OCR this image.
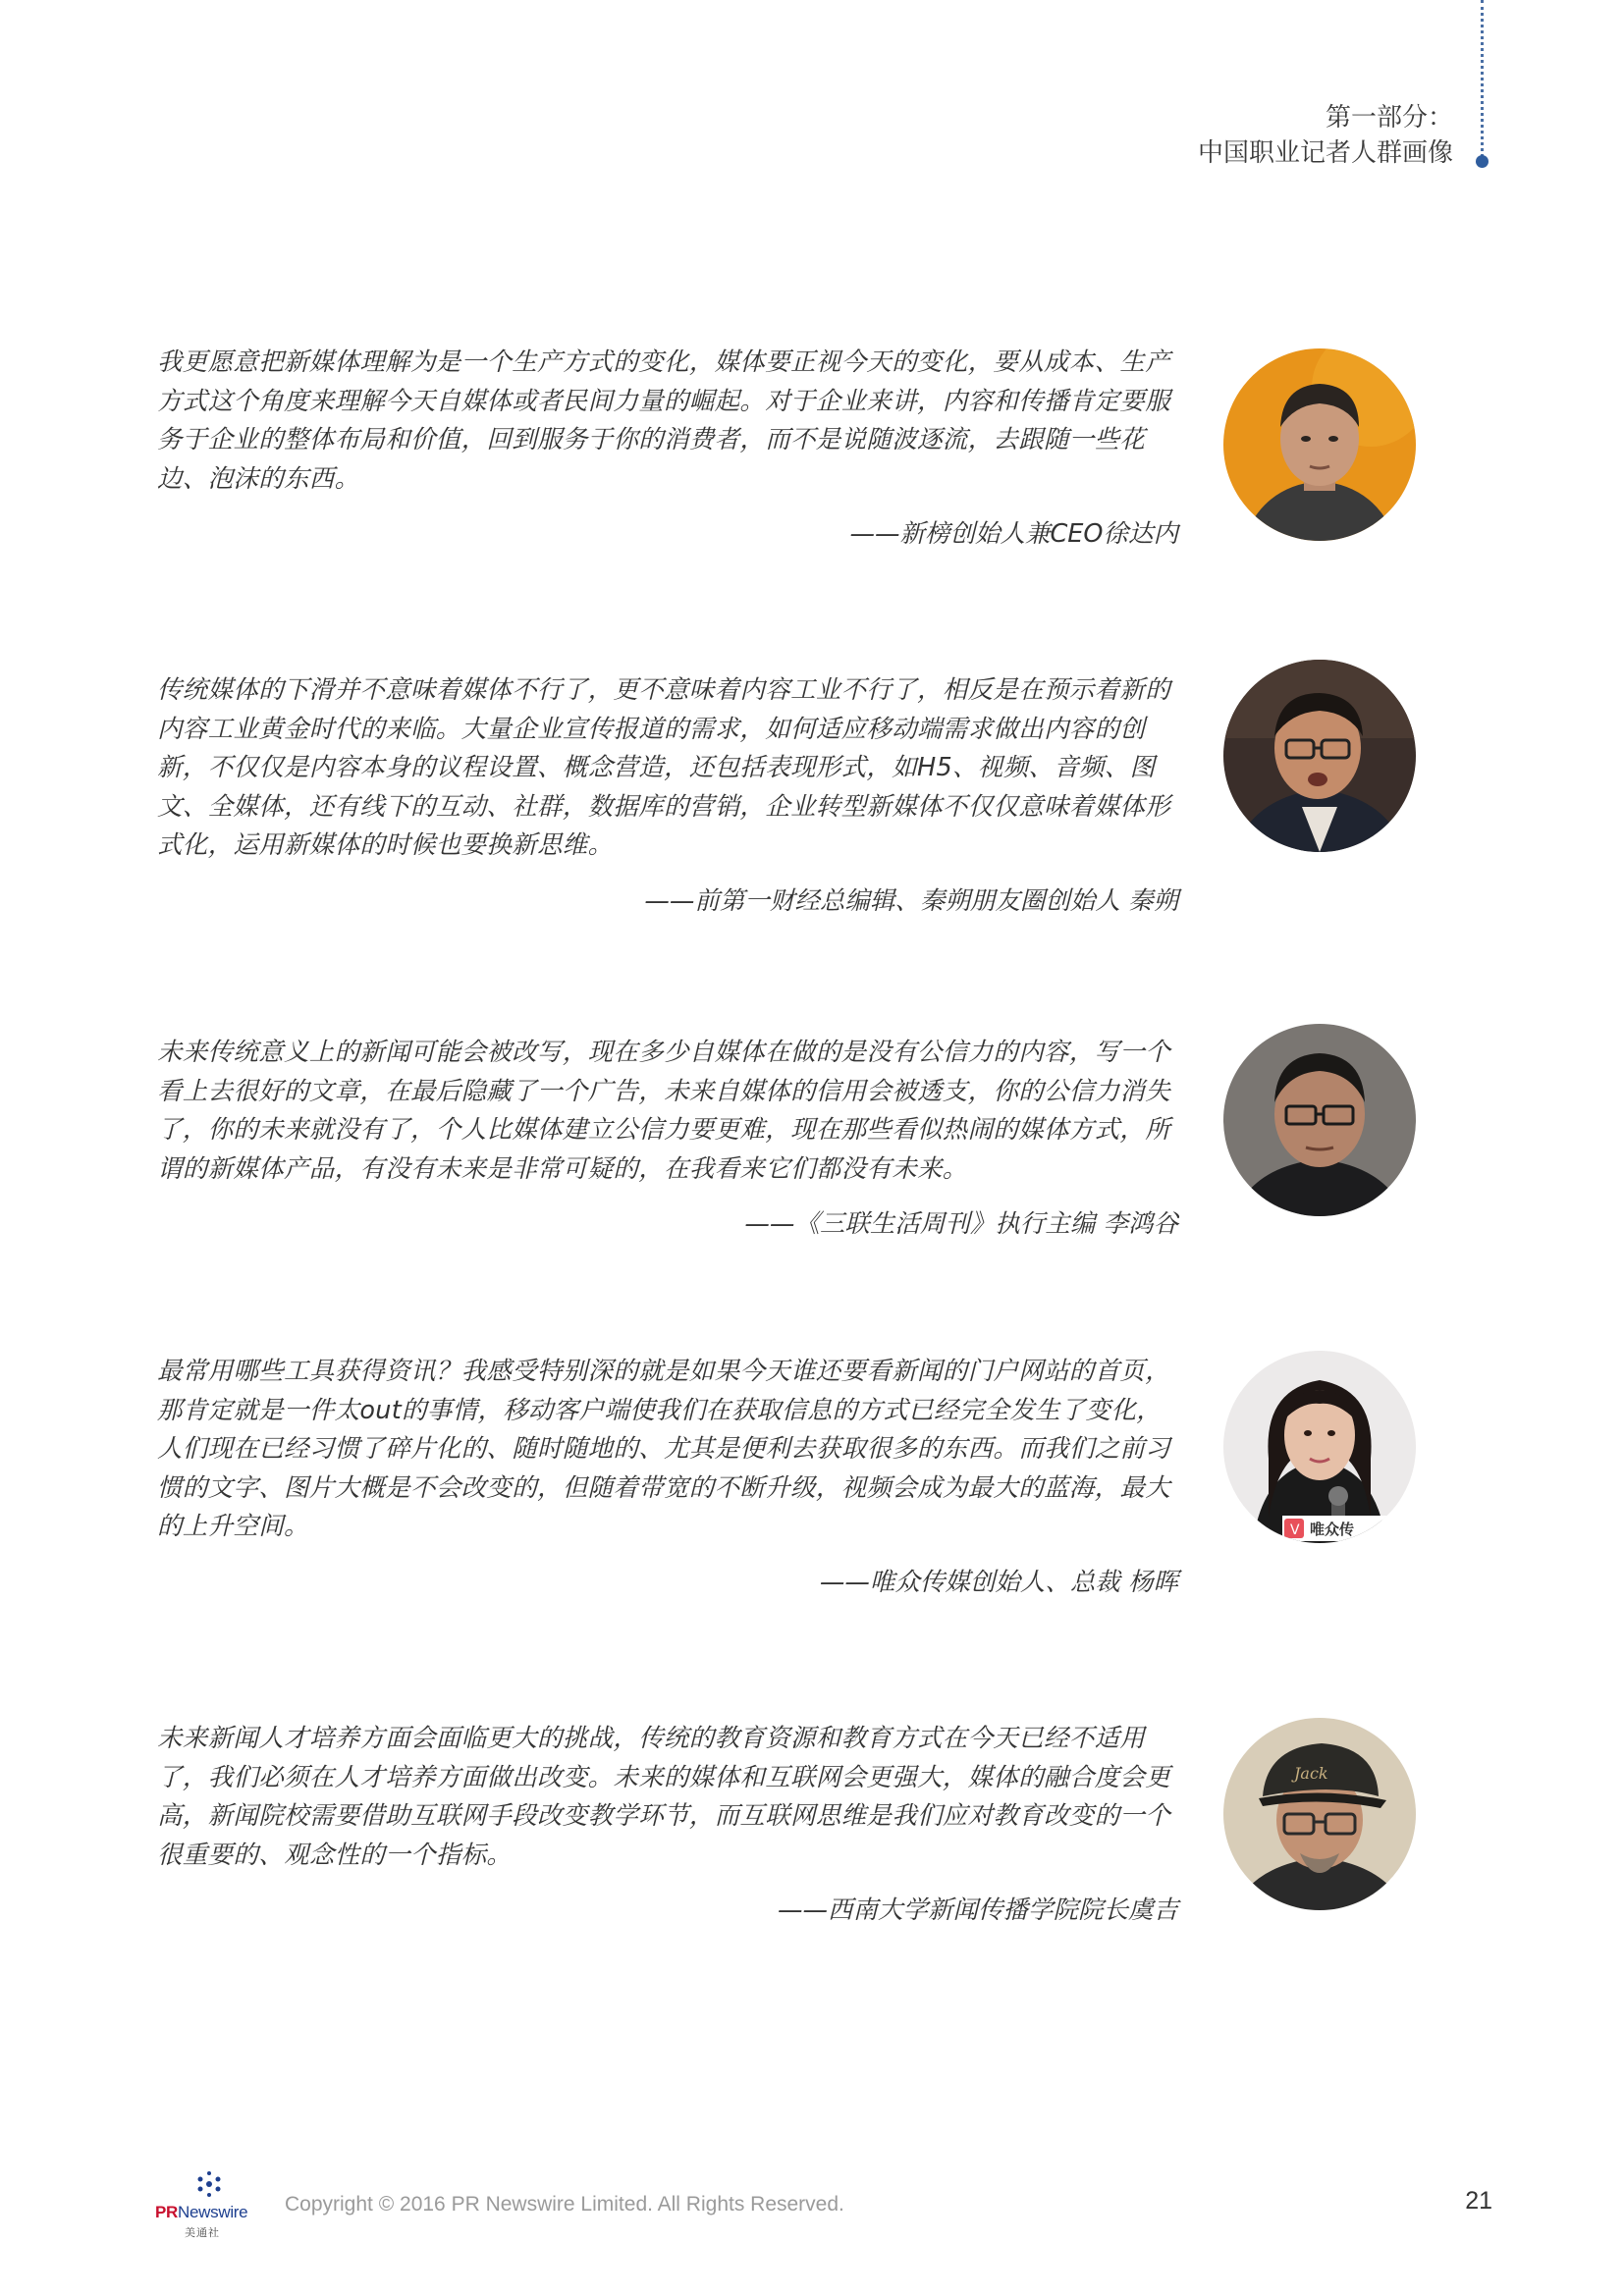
第一部分：
中国职业记者人群画像

我更愿意把新媒体理解为是一个生产方式的变化，媒体要正视今天的变化，要从成本、生产方式这个角度来理解今天自媒体或者民间力量的崛起。对于企业来讲，内容和传播肯定要服务于企业的整体布局和价值，回到服务于你的消费者，而不是说随波逐流，去跟随一些花边、泡沫的东西。

——新榜创始人兼CEO徐达内

传统媒体的下滑并不意味着媒体不行了，更不意味着内容工业不行了，相反是在预示着新的内容工业黄金时代的来临。大量企业宣传报道的需求，如何适应移动端需求做出内容的创新，不仅仅是内容本身的议程设置、概念营造，还包括表现形式，如H5、视频、音频、图文、全媒体，还有线下的互动、社群，数据库的营销，企业转型新媒体不仅仅意味着媒体形式化，运用新媒体的时候也要换新思维。

——前第一财经总编辑、秦朔朋友圈创始人 秦朔

未来传统意义上的新闻可能会被改写，现在多少自媒体在做的是没有公信力的内容，写一个看上去很好的文章，在最后隐藏了一个广告，未来自媒体的信用会被透支，你的公信力消失了，你的未来就没有了，个人比媒体建立公信力要更难，现在那些看似热闹的媒体方式，所谓的新媒体产品，有没有未来是非常可疑的，在我看来它们都没有未来。

——《三联生活周刊》执行主编 李鸿谷

最常用哪些工具获得资讯？我感受特别深的就是如果今天谁还要看新闻的门户网站的首页，那肯定就是一件太out的事情，移动客户端使我们在获取信息的方式已经完全发生了变化，人们现在已经习惯了碎片化的、随时随地的、尤其是便利去获取很多的东西。而我们之前习惯的文字、图片大概是不会改变的，但随着带宽的不断升级，视频会成为最大的蓝海，最大的上升空间。

——唯众传媒创始人、总裁 杨晖

V 唯众传

未来新闻人才培养方面会面临更大的挑战，传统的教育资源和教育方式在今天已经不适用了，我们必须在人才培养方面做出改变。未来的媒体和互联网会更强大，媒体的融合度会更高，新闻院校需要借助互联网手段改变教学环节，而互联网思维是我们应对教育改变的一个很重要的、观念性的一个指标。

——西南大学新闻传播学院院长虞吉

Jack
PRNewswire
美通社
Copyright © 2016 PR Newswire Limited. All Rights Reserved.	21
